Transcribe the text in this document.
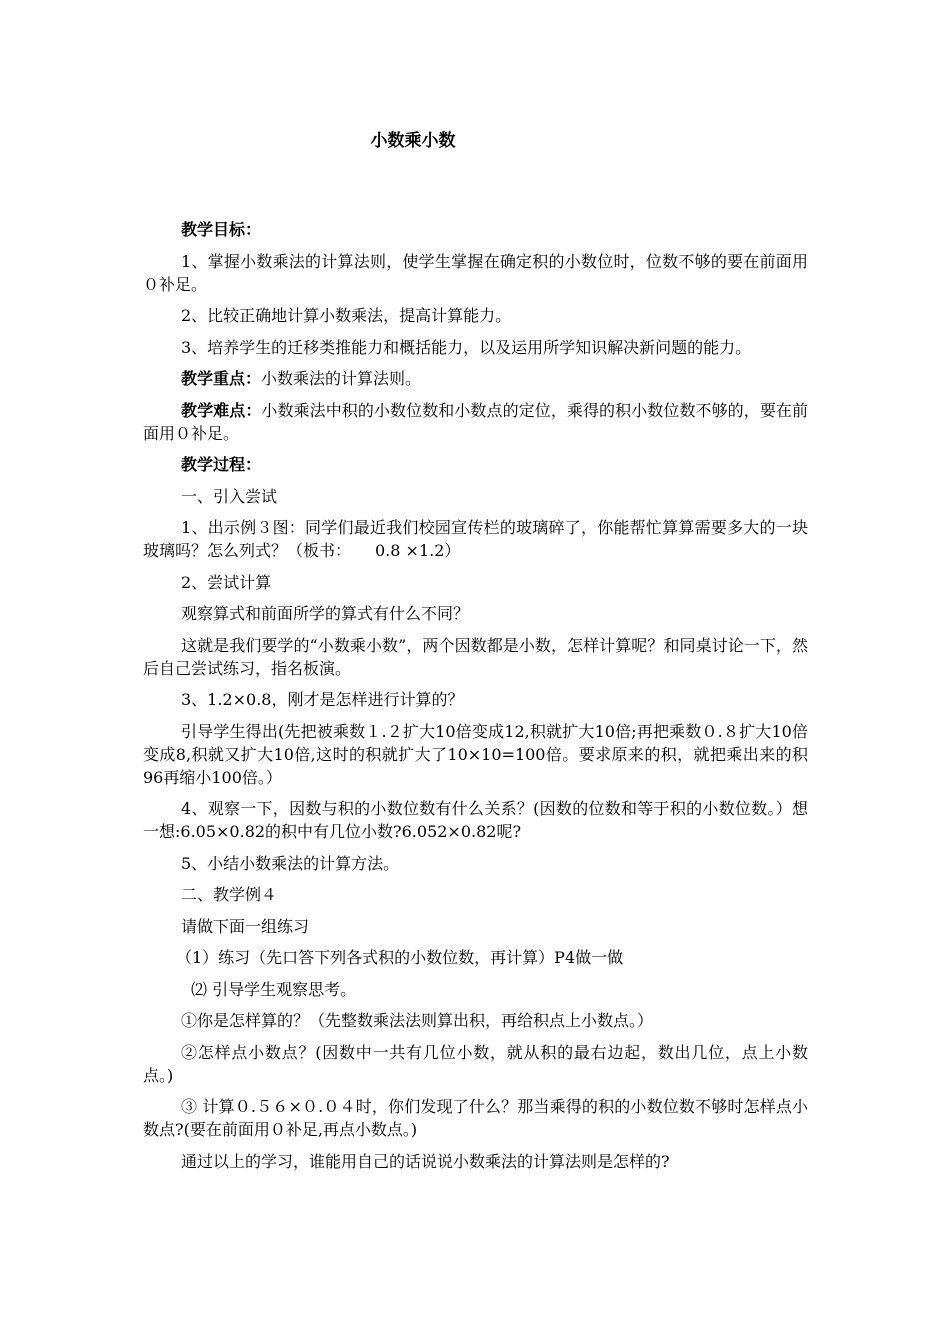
小数乘小数

教学目标：

1、掌握小数乘法的计算法则，使学生掌握在确定积的小数位时，位数不够的要在前面用０补足。

2、比较正确地计算小数乘法，提高计算能力。

3、培养学生的迁移类推能力和概括能力，以及运用所学知识解决新问题的能力。

教学重点：小数乘法的计算法则。

教学难点：小数乘法中积的小数位数和小数点的定位，乘得的积小数位数不够的，要在前面用０补足。

教学过程：

一、引入尝试

1、出示例３图：同学们最近我们校园宣传栏的玻璃碎了，你能帮忙算算需要多大的一块玻璃吗？怎么列式？（板书：　　0.8 ×1.2）

2、尝试计算

观察算式和前面所学的算式有什么不同？

这就是我们要学的“小数乘小数”，两个因数都是小数，怎样计算呢？和同桌讨论一下，然后自己尝试练习，指名板演。

3、1.2×0.8，刚才是怎样进行计算的？

引导学生得出(先把被乘数１.２扩大10倍变成12,积就扩大10倍;再把乘数０.８扩大10倍变成8,积就又扩大10倍,这时的积就扩大了10×10=100倍。要求原来的积，就把乘出来的积96再缩小100倍。）

4、观察一下，因数与积的小数位数有什么关系？(因数的位数和等于积的小数位数。）想一想:6.05×0.82的积中有几位小数?6.052×0.82呢?

5、小结小数乘法的计算方法。

二、教学例４

请做下面一组练习

（1）练习（先口答下列各式积的小数位数，再计算）P4做一做

⑵ 引导学生观察思考。

①你是怎样算的？（先整数乘法法则算出积，再给积点上小数点。）

②怎样点小数点？(因数中一共有几位小数，就从积的最右边起，数出几位，点上小数点。)

③ 计算０.５６×０.０４时，你们发现了什么？那当乘得的积的小数位数不够时怎样点小数点?(要在前面用０补足,再点小数点。)

通过以上的学习，谁能用自己的话说说小数乘法的计算法则是怎样的?
